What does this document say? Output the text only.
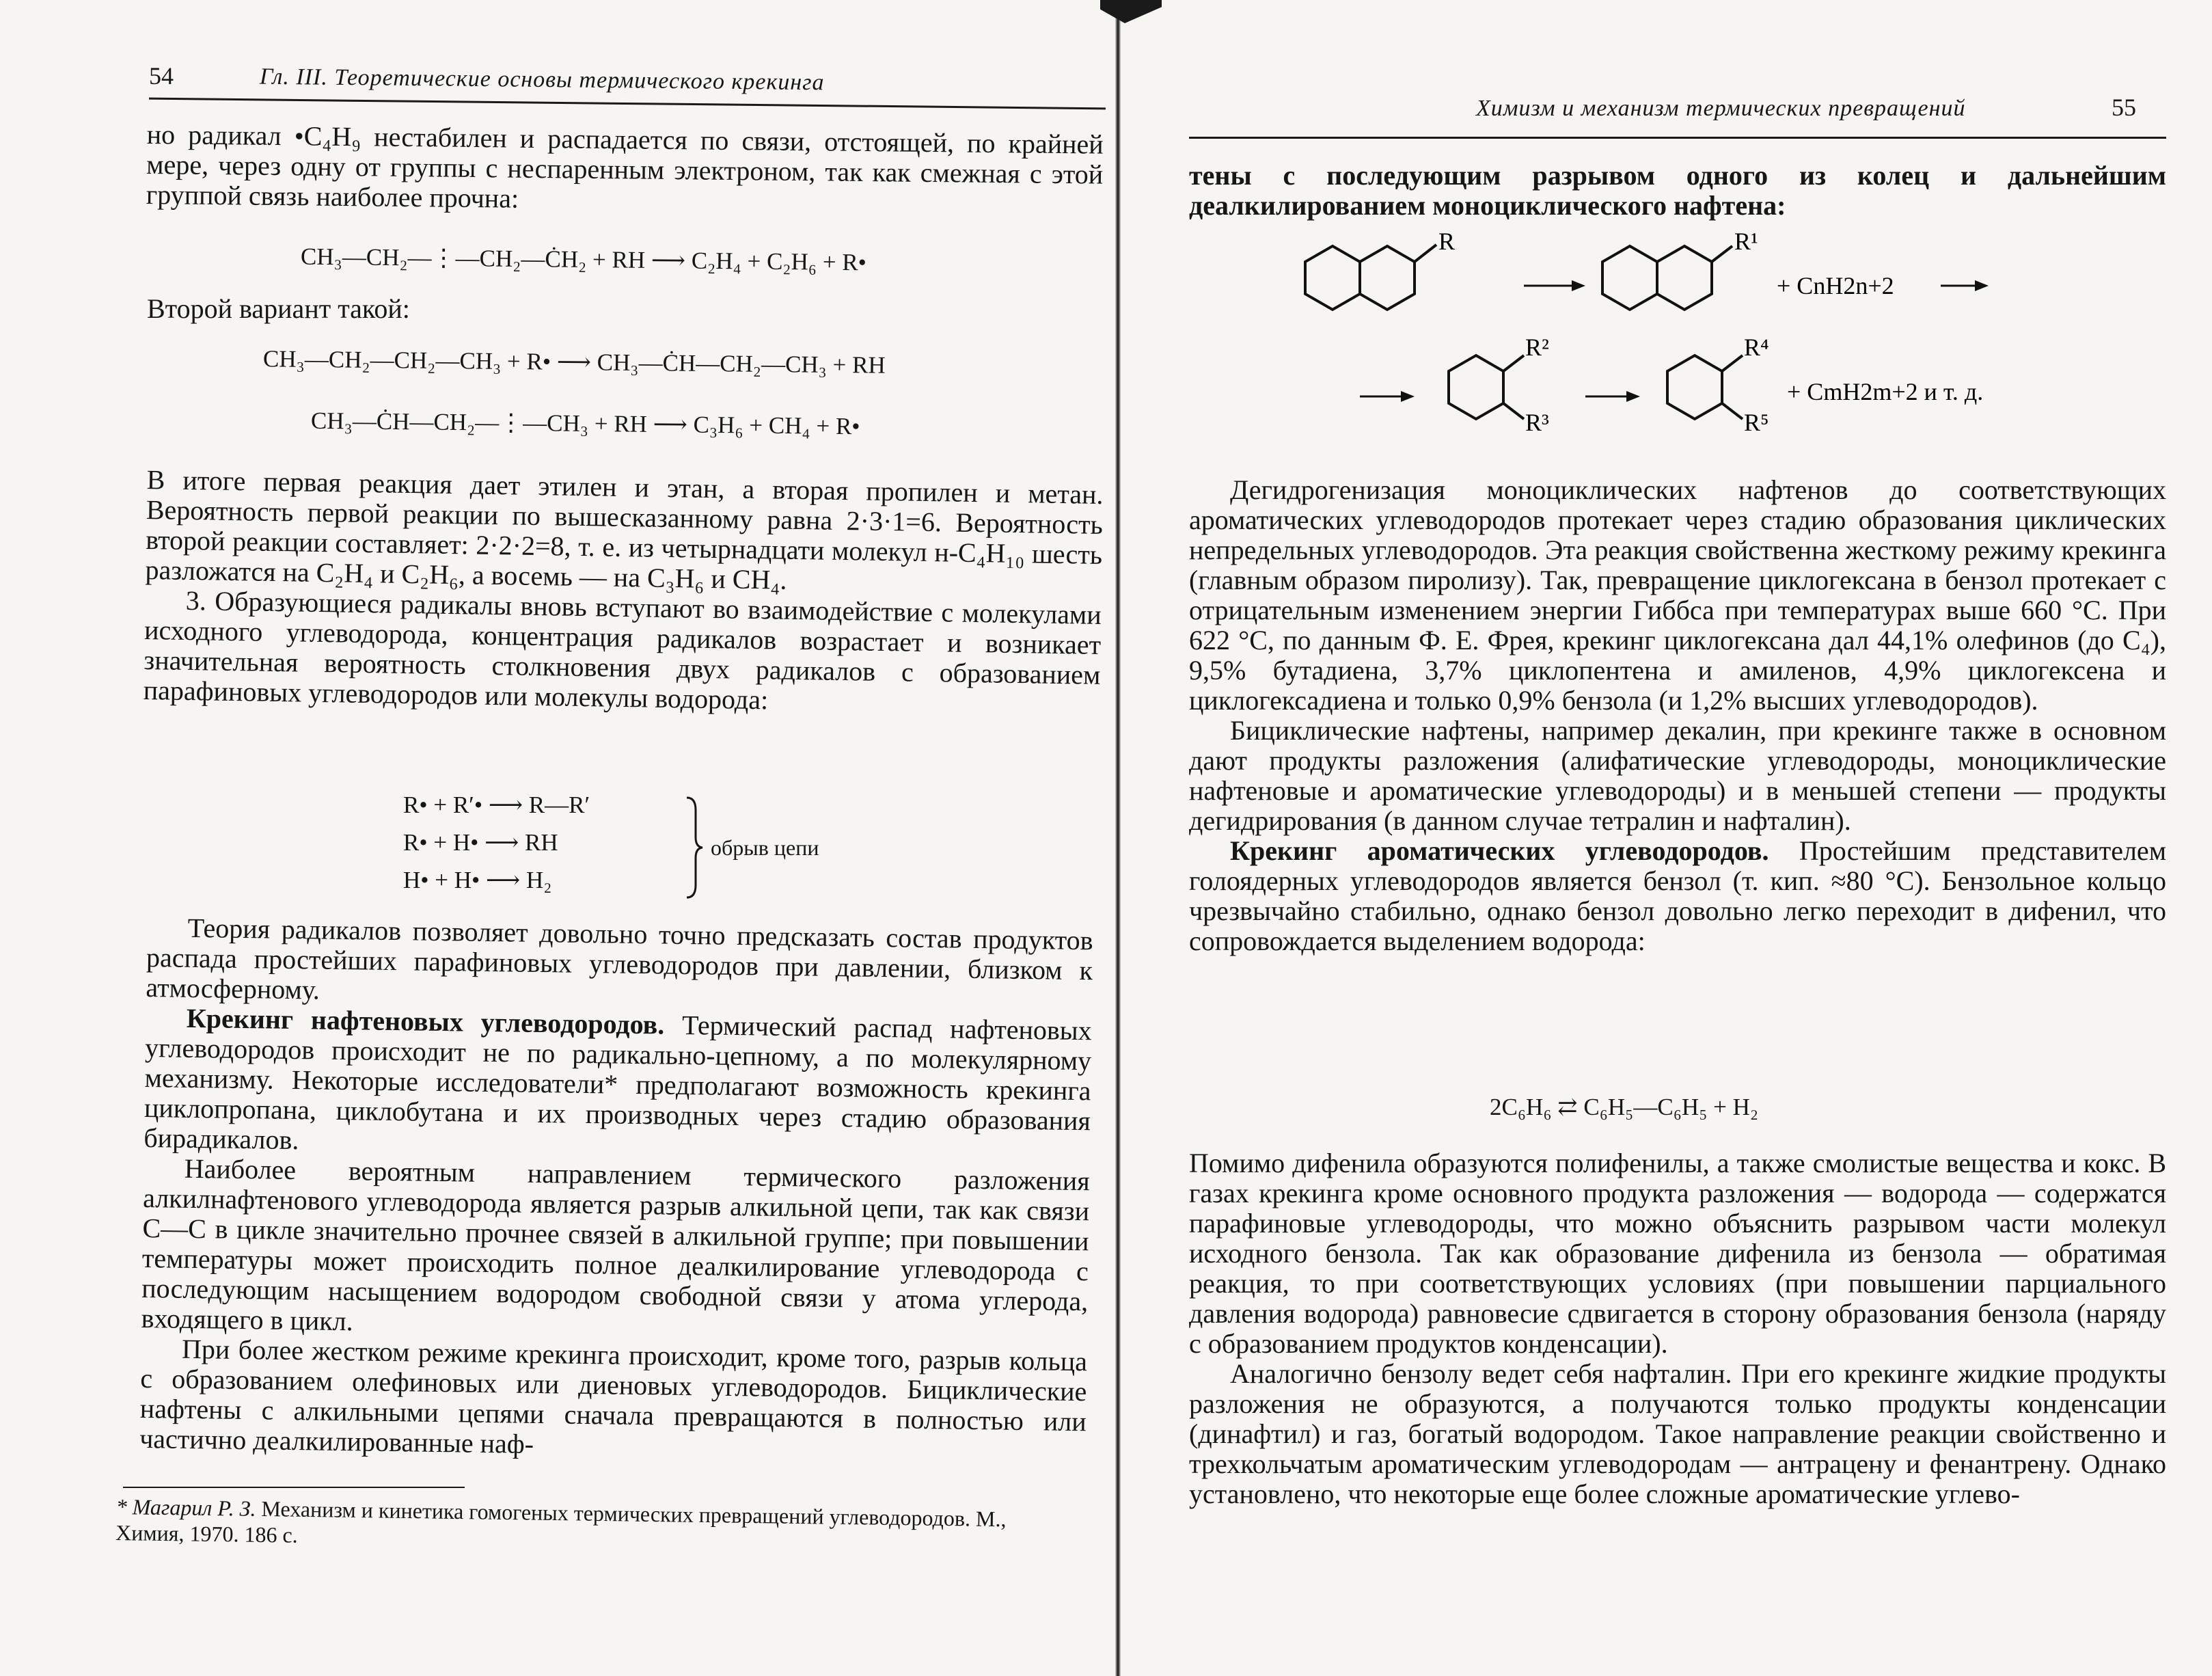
54	Гл. III. Теоретические основы термического крекинга

но радикал •C₄H₉ нестабилен и распадается по связи, отстоящей, по крайней мере, через одну от группы с неспаренным электроном, так как смежная с этой группой связь наиболее прочна:

CH₃—CH₂—⋮—CH₂—ĊH₂ + RH ⟶ C₂H₄ + C₂H₆ + R•

Второй вариант такой:

CH₃—CH₂—CH₂—CH₃ + R• ⟶ CH₃—ĊH—CH₂—CH₃ + RH
CH₃—ĊH—CH₂—⋮—CH₃ + RH ⟶ C₃H₆ + CH₄ + R•

В итоге первая реакция дает этилен и этан, а вторая пропилен и метан. Вероятность первой реакции по вышесказанному равна 2·3·1=6. Вероятность второй реакции составляет: 2·2·2=8, т. е. из четырнадцати молекул н-C₄H₁₀ шесть разложатся на C₂H₄ и C₂H₆, а восемь — на C₃H₆ и CH₄.

3. Образующиеся радикалы вновь вступают во взаимодействие с молекулами исходного углеводорода, концентрация радикалов возрастает и возникает значительная вероятность столкновения двух радикалов с образованием парафиновых углеводородов или молекулы водорода:

R• + R′• ⟶ R—R′
R• + H• ⟶ RH
H• + H• ⟶ H₂
обрыв цепи

Теория радикалов позволяет довольно точно предсказать состав продуктов распада простейших парафиновых углеводородов при давлении, близком к атмосферному.

Крекинг нафтеновых углеводородов. Термический распад нафтеновых углеводородов происходит не по радикально-цепному, а по молекулярному механизму. Некоторые исследователи* предполагают возможность крекинга циклопропана, циклобутана и их производных через стадию образования бирадикалов.

Наиболее вероятным направлением термического разложения алкилнафтенового углеводорода является разрыв алкильной цепи, так как связи С—С в цикле значительно прочнее связей в алкильной группе; при повышении температуры может происходить полное деалкилирование углеводорода с последующим насыщением водородом свободной связи у атома углерода, входящего в цикл.

При более жестком режиме крекинга происходит, кроме того, разрыв кольца с образованием олефиновых или диеновых углеводородов. Бициклические нафтены с алкильными цепями сначала превращаются в полностью или частично деалкилированные наф-

* Магарил Р. З. Механизм и кинетика гомогеных термических превращений углеводородов. М., Химия, 1970. 186 с.
Химизм и механизм термических превращений	55

тены с последующим разрывом одного из колец и дальнейшим деалкилированием моноциклического нафтена:

R	R¹
+ CnH2n+2
R²
R³
R⁴
R⁵
+ CmH2m+2 и т. д.

Дегидрогенизация моноциклических нафтенов до соответствующих ароматических углеводородов протекает через стадию образования циклических непредельных углеводородов. Эта реакция свойственна жесткому режиму крекинга (главным образом пиролизу). Так, превращение циклогексана в бензол протекает с отрицательным изменением энергии Гиббса при температурах выше 660 °С. При 622 °С, по данным Ф. Е. Фрея, крекинг циклогексана дал 44,1% олефинов (до C₄), 9,5% бутадиена, 3,7% циклопентена и амиленов, 4,9% циклогексена и циклогексадиена и только 0,9% бензола (и 1,2% высших углеводородов).

Бициклические нафтены, например декалин, при крекинге также в основном дают продукты разложения (алифатические углеводороды, моноциклические нафтеновые и ароматические углеводороды) и в меньшей степени — продукты дегидрирования (в данном случае тетралин и нафталин).

Крекинг ароматических углеводородов. Простейшим представителем голоядерных углеводородов является бензол (т. кип. ≈80 °С). Бензольное кольцо чрезвычайно стабильно, однако бензол довольно легко переходит в дифенил, что сопровождается выделением водорода:

2C₆H₆ ⇄ C₆H₅—C₆H₅ + H₂

Помимо дифенила образуются полифенилы, а также смолистые вещества и кокс. В газах крекинга кроме основного продукта разложения — водорода — содержатся парафиновые углеводороды, что можно объяснить разрывом части молекул исходного бензола. Так как образование дифенила из бензола — обратимая реакция, то при соответствующих условиях (при повышении парциального давления водорода) равновесие сдвигается в сторону образования бензола (наряду с образованием продуктов конденсации).

Аналогично бензолу ведет себя нафталин. При его крекинге жидкие продукты разложения не образуются, а получаются только продукты конденсации (динафтил) и газ, богатый водородом. Такое направление реакции свойственно и трехкольчатым ароматическим углеводородам — антрацену и фенантрену. Однако установлено, что некоторые еще более сложные ароматические углево-
